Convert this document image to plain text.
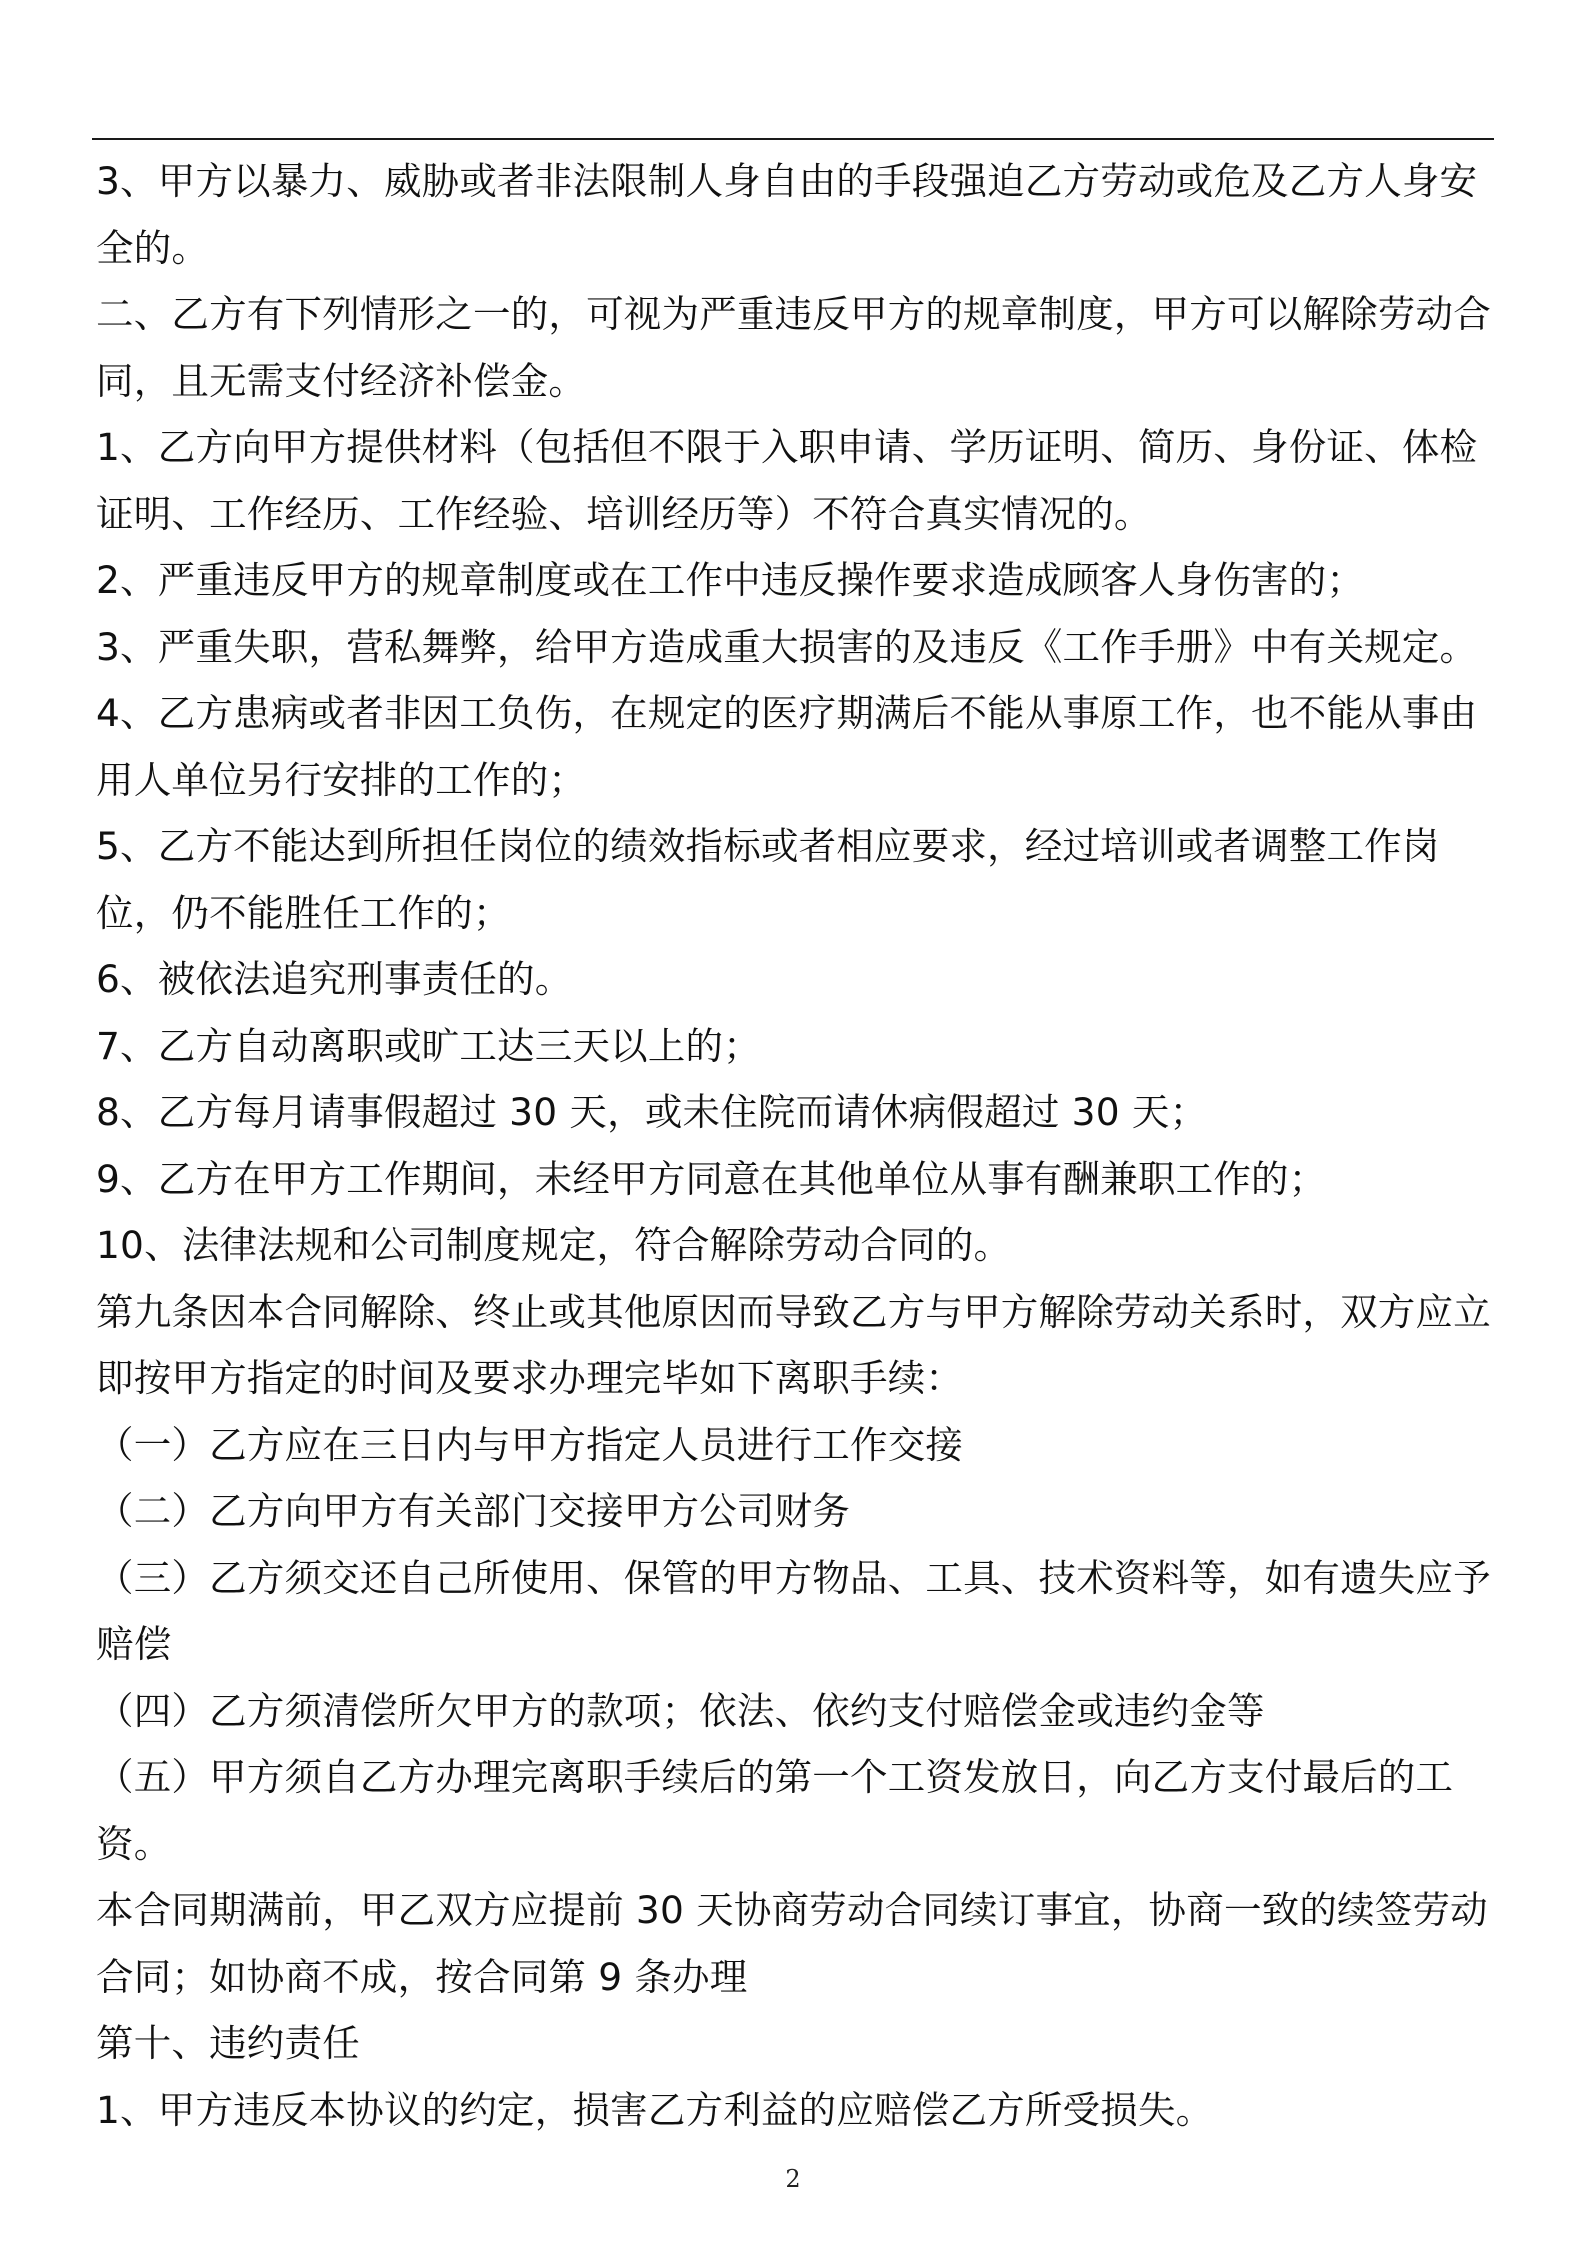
3、甲方以暴力、威胁或者非法限制人身自由的手段强迫乙方劳动或危及乙方人身安全的。

二、乙方有下列情形之一的，可视为严重违反甲方的规章制度，甲方可以解除劳动合同，且无需支付经济补偿金。

1、乙方向甲方提供材料（包括但不限于入职申请、学历证明、简历、身份证、体检证明、工作经历、工作经验、培训经历等）不符合真实情况的。

2、严重违反甲方的规章制度或在工作中违反操作要求造成顾客人身伤害的；

3、严重失职，营私舞弊，给甲方造成重大损害的及违反《工作手册》中有关规定。

4、乙方患病或者非因工负伤，在规定的医疗期满后不能从事原工作，也不能从事由用人单位另行安排的工作的；

5、乙方不能达到所担任岗位的绩效指标或者相应要求，经过培训或者调整工作岗位，仍不能胜任工作的；

6、被依法追究刑事责任的。

7、乙方自动离职或旷工达三天以上的；

8、乙方每月请事假超过 30 天，或未住院而请休病假超过 30 天；

9、乙方在甲方工作期间，未经甲方同意在其他单位从事有酬兼职工作的；

10、法律法规和公司制度规定，符合解除劳动合同的。

第九条因本合同解除、终止或其他原因而导致乙方与甲方解除劳动关系时，双方应立即按甲方指定的时间及要求办理完毕如下离职手续：

（一）乙方应在三日内与甲方指定人员进行工作交接

（二）乙方向甲方有关部门交接甲方公司财务

（三）乙方须交还自己所使用、保管的甲方物品、工具、技术资料等，如有遗失应予赔偿

（四）乙方须清偿所欠甲方的款项；依法、依约支付赔偿金或违约金等

（五）甲方须自乙方办理完离职手续后的第一个工资发放日，向乙方支付最后的工资。

本合同期满前，甲乙双方应提前 30 天协商劳动合同续订事宜，协商一致的续签劳动合同；如协商不成，按合同第 9 条办理

第十、违约责任

1、甲方违反本协议的约定，损害乙方利益的应赔偿乙方所受损失。

2
